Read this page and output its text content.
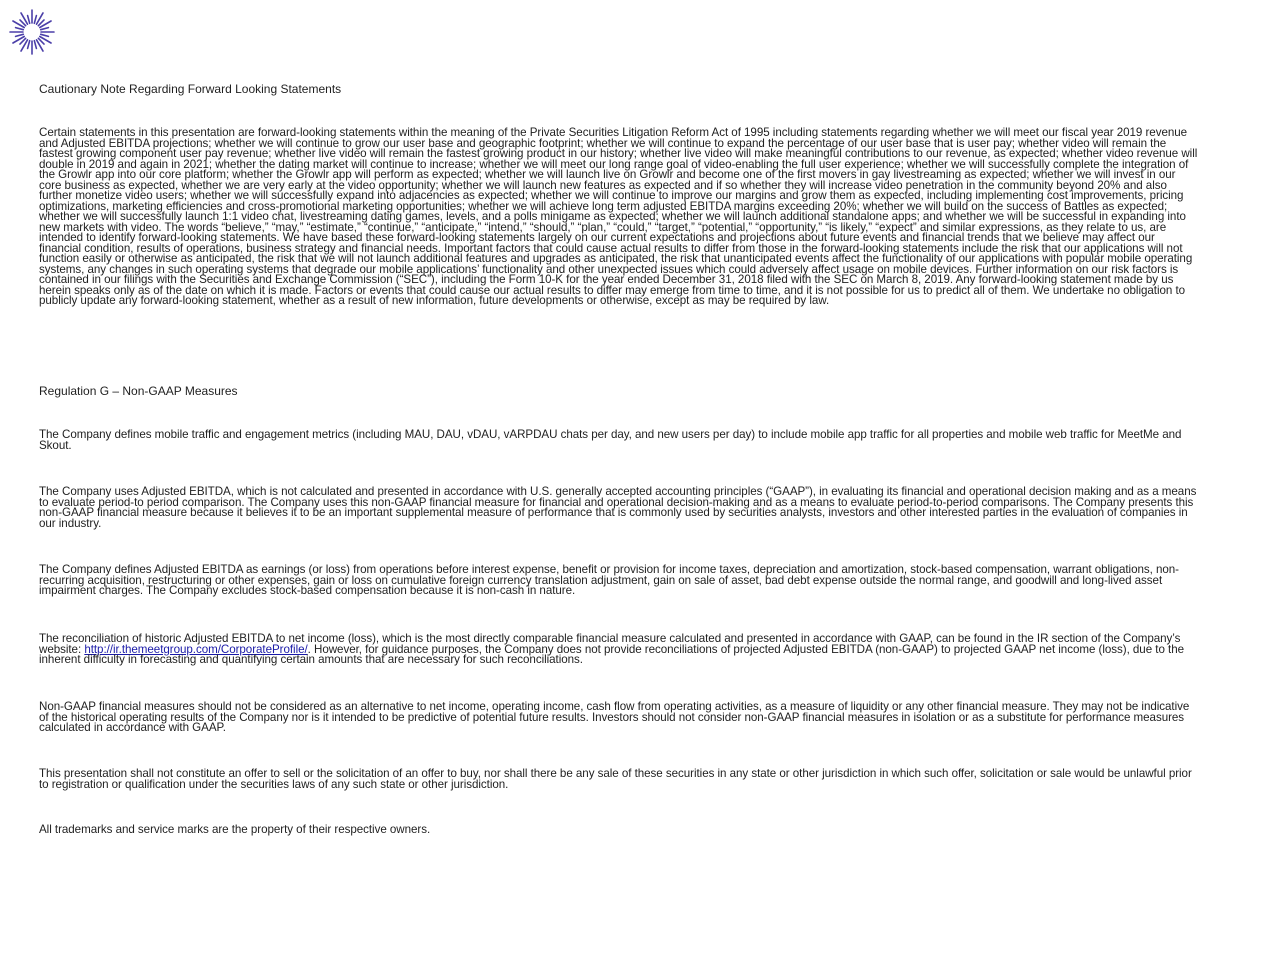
Cautionary Note Regarding Forward Looking Statements

Certain statements in this presentation are forward-looking statements within the meaning of the Private Securities Litigation Reform Act of 1995 including statements regarding whether we will meet our fiscal year 2019 revenue and Adjusted EBITDA projections; whether we will continue to grow our user base and geographic footprint; whether we will continue to expand the percentage of our user base that is user pay; whether video will remain the fastest growing component user pay revenue; whether live video will remain the fastest growing product in our history; whether live video will make meaningful contributions to our revenue, as expected; whether video revenue will double in 2019 and again in 2021; whether the dating market will continue to increase; whether we will meet our long range goal of video-enabling the full user experience; whether we will successfully complete the integration of the Growlr app into our core platform; whether the Growlr app will perform as expected; whether we will launch live on Growlr and become one of the first movers in gay livestreaming as expected; whether we will invest in our core business as expected, whether we are very early at the video opportunity; whether we will launch new features as expected and if so whether they will increase video penetration in the community beyond 20% and also further monetize video users; whether we will successfully expand into adjacencies as expected; whether we will continue to improve our margins and grow them as expected, including implementing cost improvements, pricing optimizations, marketing efficiencies and cross-promotional marketing opportunities; whether we will achieve long term adjusted EBITDA margins exceeding 20%; whether we will build on the success of Battles as expected; whether we will successfully launch 1:1 video chat, livestreaming dating games, levels, and a polls minigame as expected; whether we will launch additional standalone apps; and whether we will be successful in expanding into new markets with video. The words “believe,” “may,” “estimate,” “continue,” “anticipate,” “intend,” “should,” “plan,” “could,” “target,” “potential,” “opportunity,” “is likely,” “expect” and similar expressions, as they relate to us, are intended to identify forward-looking statements. We have based these forward-looking statements largely on our current expectations and projections about future events and financial trends that we believe may affect our financial condition, results of operations, business strategy and financial needs. Important factors that could cause actual results to differ from those in the forward-looking statements include the risk that our applications will not function easily or otherwise as anticipated, the risk that we will not launch additional features and upgrades as anticipated, the risk that unanticipated events affect the functionality of our applications with popular mobile operating systems, any changes in such operating systems that degrade our mobile applications’ functionality and other unexpected issues which could adversely affect usage on mobile devices. Further information on our risk factors is contained in our filings with the Securities and Exchange Commission (“SEC”), including the Form 10-K for the year ended December 31, 2018 filed with the SEC on March 8, 2019. Any forward-looking statement made by us herein speaks only as of the date on which it is made. Factors or events that could cause our actual results to differ may emerge from time to time, and it is not possible for us to predict all of them. We undertake no obligation to publicly update any forward-looking statement, whether as a result of new information, future developments or otherwise, except as may be required by law.

Regulation G – Non-GAAP Measures

The Company defines mobile traffic and engagement metrics (including MAU, DAU, vDAU, vARPDAU chats per day, and new users per day) to include mobile app traffic for all properties and mobile web traffic for MeetMe and Skout.

The Company uses Adjusted EBITDA, which is not calculated and presented in accordance with U.S. generally accepted accounting principles (“GAAP”), in evaluating its financial and operational decision making and as a means to evaluate period-to period comparison. The Company uses this non-GAAP financial measure for financial and operational decision-making and as a means to evaluate period-to-period comparisons. The Company presents this non-GAAP financial measure because it believes it to be an important supplemental measure of performance that is commonly used by securities analysts, investors and other interested parties in the evaluation of companies in our industry.

The Company defines Adjusted EBITDA as earnings (or loss) from operations before interest expense, benefit or provision for income taxes, depreciation and amortization, stock-based compensation, warrant obligations, non-recurring acquisition, restructuring or other expenses, gain or loss on cumulative foreign currency translation adjustment, gain on sale of asset, bad debt expense outside the normal range, and goodwill and long-lived asset impairment charges. The Company excludes stock-based compensation because it is non-cash in nature.

The reconciliation of historic Adjusted EBITDA to net income (loss), which is the most directly comparable financial measure calculated and presented in accordance with GAAP, can be found in the IR section of the Company’s website: http://ir.themeetgroup.com/CorporateProfile/. However, for guidance purposes, the Company does not provide reconciliations of projected Adjusted EBITDA (non-GAAP) to projected GAAP net income (loss), due to the inherent difficulty in forecasting and quantifying certain amounts that are necessary for such reconciliations.

Non-GAAP financial measures should not be considered as an alternative to net income, operating income, cash flow from operating activities, as a measure of liquidity or any other financial measure. They may not be indicative of the historical operating results of the Company nor is it intended to be predictive of potential future results. Investors should not consider non-GAAP financial measures in isolation or as a substitute for performance measures calculated in accordance with GAAP.

This presentation shall not constitute an offer to sell or the solicitation of an offer to buy, nor shall there be any sale of these securities in any state or other jurisdiction in which such offer, solicitation or sale would be unlawful prior to registration or qualification under the securities laws of any such state or other jurisdiction.

All trademarks and service marks are the property of their respective owners.
